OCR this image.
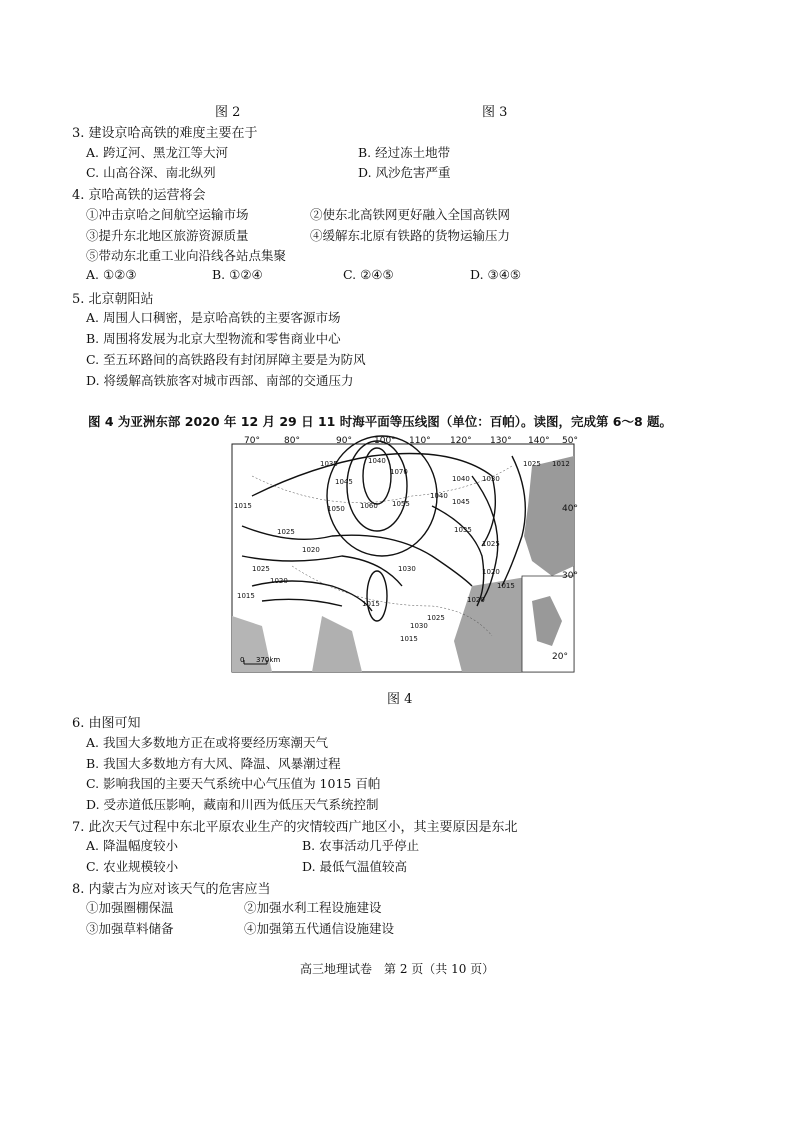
图 2	图 3
3. 建设京哈高铁的难度主要在于
A. 跨辽河、黑龙江等大河	B. 经过冻土地带
C. 山高谷深、南北纵列	D. 风沙危害严重
4. 京哈高铁的运营将会
①冲击京哈之间航空运输市场	②使东北高铁网更好融入全国高铁网
③提升东北地区旅游资源质量	④缓解东北原有铁路的货物运输压力
⑤带动东北重工业向沿线各站点集聚
A. ①②③	B. ①②④	C. ②④⑤	D. ③④⑤
5. 北京朝阳站
A. 周围人口稠密，是京哈高铁的主要客源市场
B. 周围将发展为北京大型物流和零售商业中心
C. 至五环路间的高铁路段有封闭屏障主要是为防风
D. 将缓解高铁旅客对城市西部、南部的交通压力
图 4 为亚洲东部 2020 年 12 月 29 日 11 时海平面等压线图（单位：百帕）。读图，完成第 6～8 题。
70°	80°	90° 100° 110° 120° 130° 140° 50°
40°
30°
20°
1040
1070
1055
1050 1060
1045
1035
1040 1030
1025
1045
1040
1035
1030
1025
1020
1015
1025
1020
1015
1015
1030
1025
1020
1015
1020
1025
1015
1012
0 370km
图 4
6. 由图可知
A. 我国大多数地方正在或将要经历寒潮天气
B. 我国大多数地方有大风、降温、风暴潮过程
C. 影响我国的主要天气系统中心气压值为 1015 百帕
D. 受赤道低压影响，藏南和川西为低压天气系统控制
7. 此次天气过程中东北平原农业生产的灾情较西广地区小，其主要原因是东北
A. 降温幅度较小	B. 农事活动几乎停止
C. 农业规模较小	D. 最低气温值较高
8. 内蒙古为应对该天气的危害应当
①加强圈棚保温	②加强水利工程设施建设
③加强草料储备	④加强第五代通信设施建设
高三地理试卷　第 2 页（共 10 页）
